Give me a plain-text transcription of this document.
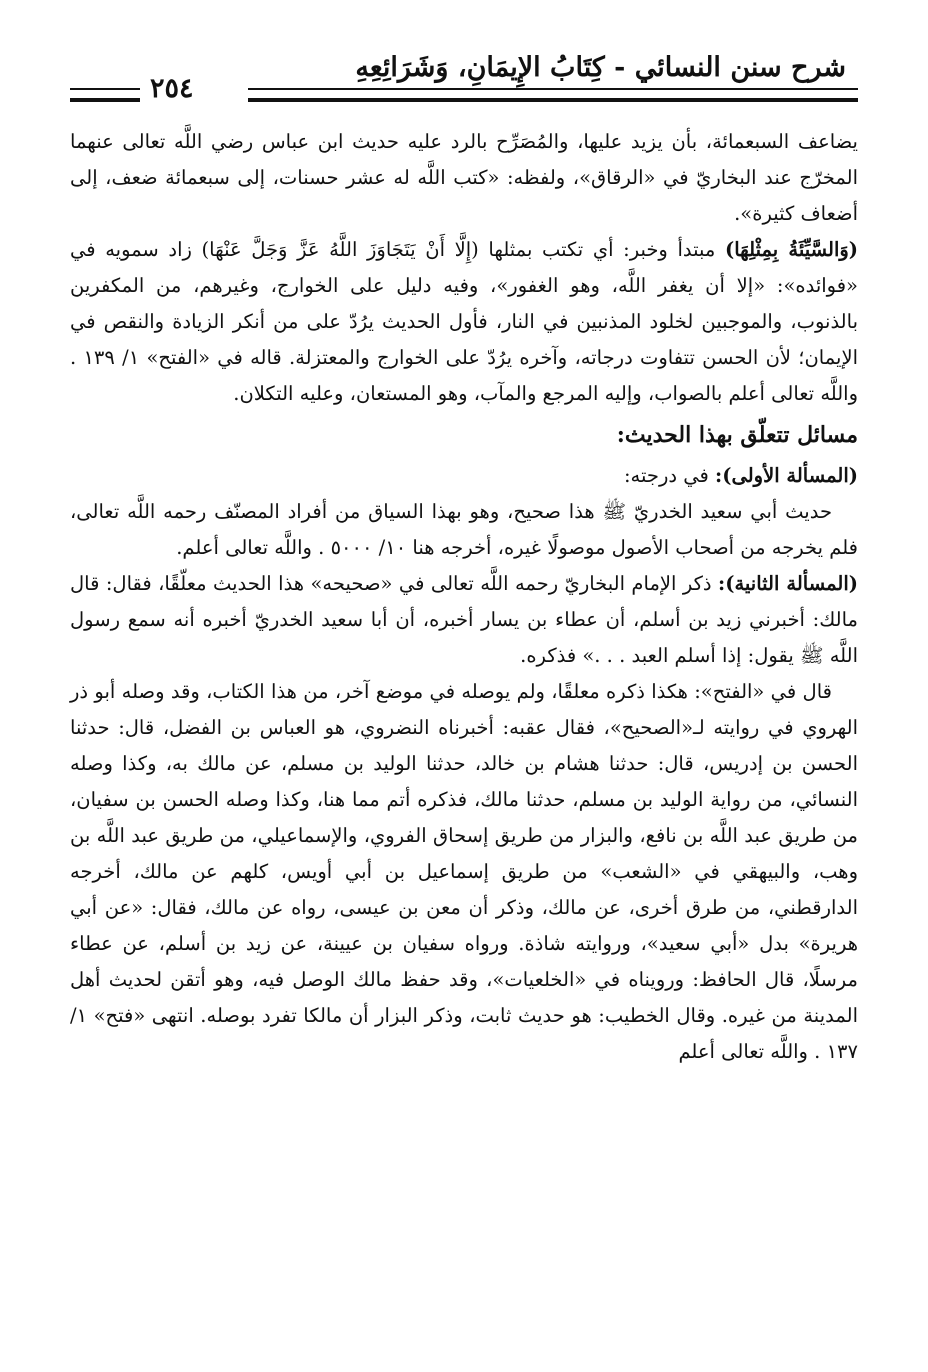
شرح سنن النسائي - كِتَابُ الإِيمَانِ، وَشَرَائِعِهِ
٢٥٤

يضاعف السبعمائة، بأن يزيد عليها، والمُصَرِّح بالرد عليه حديث ابن عباس رضي اللَّه تعالى عنهما المخرّج عند البخاريّ في «الرقاق»، ولفظه: «كتب اللَّه له عشر حسنات، إلى سبعمائة ضعف، إلى أضعاف كثيرة».

(وَالسَّيِّئَةُ بِمِثْلِهَا) مبتدأ وخبر: أي تكتب بمثلها (إِلَّا أَنْ يَتَجَاوَزَ اللَّهُ عَزَّ وَجَلَّ عَنْهَا) زاد سمويه في «فوائده»: «إلا أن يغفر اللَّه، وهو الغفور»، وفيه دليل على الخوارج، وغيرهم، من المكفرين بالذنوب، والموجبين لخلود المذنبين في النار، فأول الحديث يرُدّ على من أنكر الزيادة والنقص في الإيمان؛ لأن الحسن تتفاوت درجاته، وآخره يرُدّ على الخوارج والمعتزلة. قاله في «الفتح» ١/ ١٣٩ . واللَّه تعالى أعلم بالصواب، وإليه المرجع والمآب، وهو المستعان، وعليه التكلان.

مسائل تتعلّق بهذا الحديث:

(المسألة الأولى): في درجته:

حديث أبي سعيد الخدريّ ﷺ هذا صحيح، وهو بهذا السياق من أفراد المصنّف رحمه اللَّه تعالى، فلم يخرجه من أصحاب الأصول موصولًا غيره، أخرجه هنا ١٠/ ٥٠٠٠ . واللَّه تعالى أعلم.

(المسألة الثانية): ذكر الإمام البخاريّ رحمه اللَّه تعالى في «صحيحه» هذا الحديث معلّقًا، فقال: قال مالك: أخبرني زيد بن أسلم، أن عطاء بن يسار أخبره، أن أبا سعيد الخدريّ أخبره أنه سمع رسول اللَّه ﷺ يقول: إذا أسلم العبد . . .» فذكره.

قال في «الفتح»: هكذا ذكره معلقًا، ولم يوصله في موضع آخر، من هذا الكتاب، وقد وصله أبو ذر الهروي في روايته لـ«الصحيح»، فقال عقبه: أخبرناه النضروي، هو العباس بن الفضل، قال: حدثنا الحسن بن إدريس، قال: حدثنا هشام بن خالد، حدثنا الوليد بن مسلم، عن مالك به، وكذا وصله النسائي، من رواية الوليد بن مسلم، حدثنا مالك، فذكره أتم مما هنا، وكذا وصله الحسن بن سفيان، من طريق عبد اللَّه بن نافع، والبزار من طريق إسحاق الفروي، والإسماعيلي، من طريق عبد اللَّه بن وهب، والبيهقي في «الشعب» من طريق إسماعيل بن أبي أويس، كلهم عن مالك، أخرجه الدارقطني، من طرق أخرى، عن مالك، وذكر أن معن بن عيسى، رواه عن مالك، فقال: «عن أبي هريرة» بدل «أبي سعيد»، وروايته شاذة. ورواه سفيان بن عيينة، عن زيد بن أسلم، عن عطاء مرسلًا، قال الحافظ: ورويناه في «الخلعيات»، وقد حفظ مالك الوصل فيه، وهو أتقن لحديث أهل المدينة من غيره. وقال الخطيب: هو حديث ثابت، وذكر البزار أن مالكا تفرد بوصله. انتهى «فتح» ١/ ١٣٧ . واللَّه تعالى أعلم
